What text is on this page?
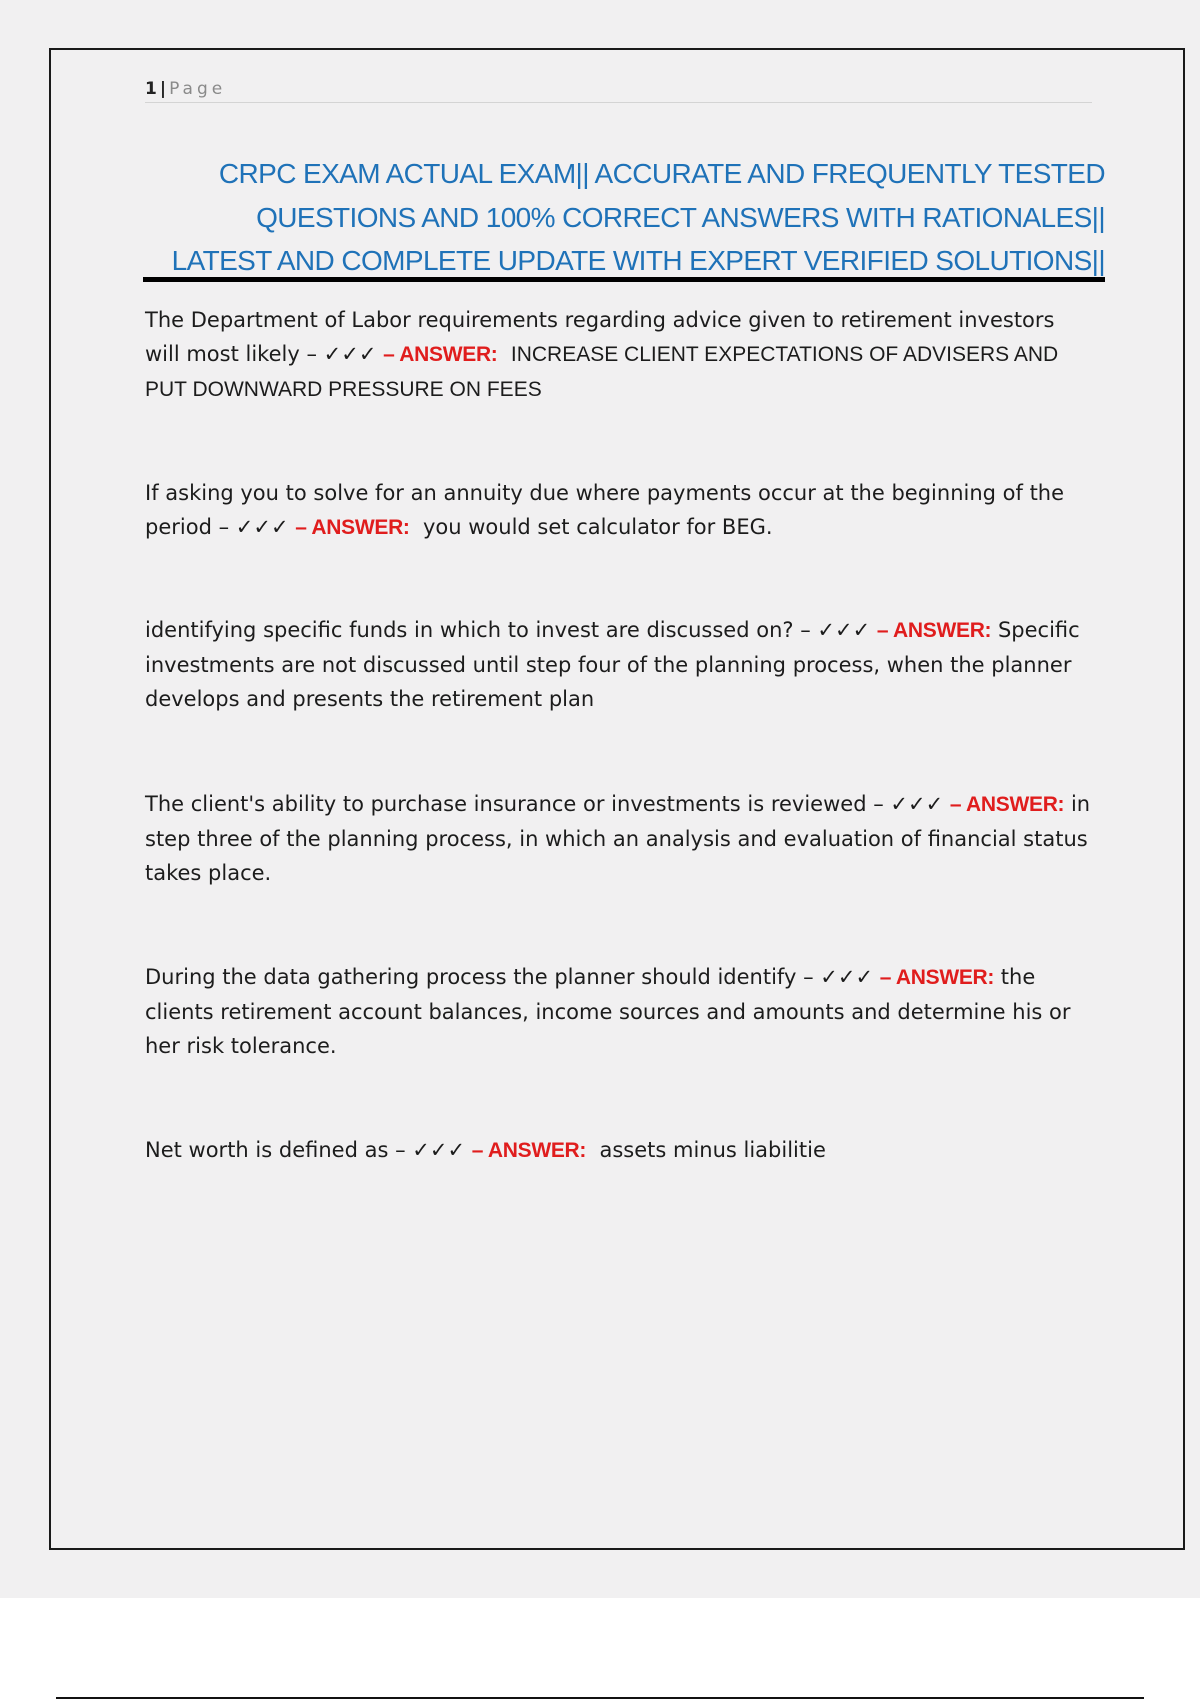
1 | Page
CRPC EXAM ACTUAL EXAM|| ACCURATE AND FREQUENTLY TESTED
QUESTIONS AND 100% CORRECT ANSWERS WITH RATIONALES||
LATEST AND COMPLETE UPDATE WITH EXPERT VERIFIED SOLUTIONS||
The Department of Labor requirements regarding advice given to retirement investors will most likely – ✓✓✓ – ANSWER: INCREASE CLIENT EXPECTATIONS OF ADVISERS AND PUT DOWNWARD PRESSURE ON FEES
If asking you to solve for an annuity due where payments occur at the beginning of the period – ✓✓✓ – ANSWER: you would set calculator for BEG.
identifying specific funds in which to invest are discussed on? – ✓✓✓ – ANSWER: Specific investments are not discussed until step four of the planning process, when the planner develops and presents the retirement plan
The client's ability to purchase insurance or investments is reviewed – ✓✓✓ – ANSWER: in step three of the planning process, in which an analysis and evaluation of financial status takes place.
During the data gathering process the planner should identify – ✓✓✓ – ANSWER: the clients retirement account balances, income sources and amounts and determine his or her risk tolerance.
Net worth is defined as – ✓✓✓ – ANSWER: assets minus liabilitie
